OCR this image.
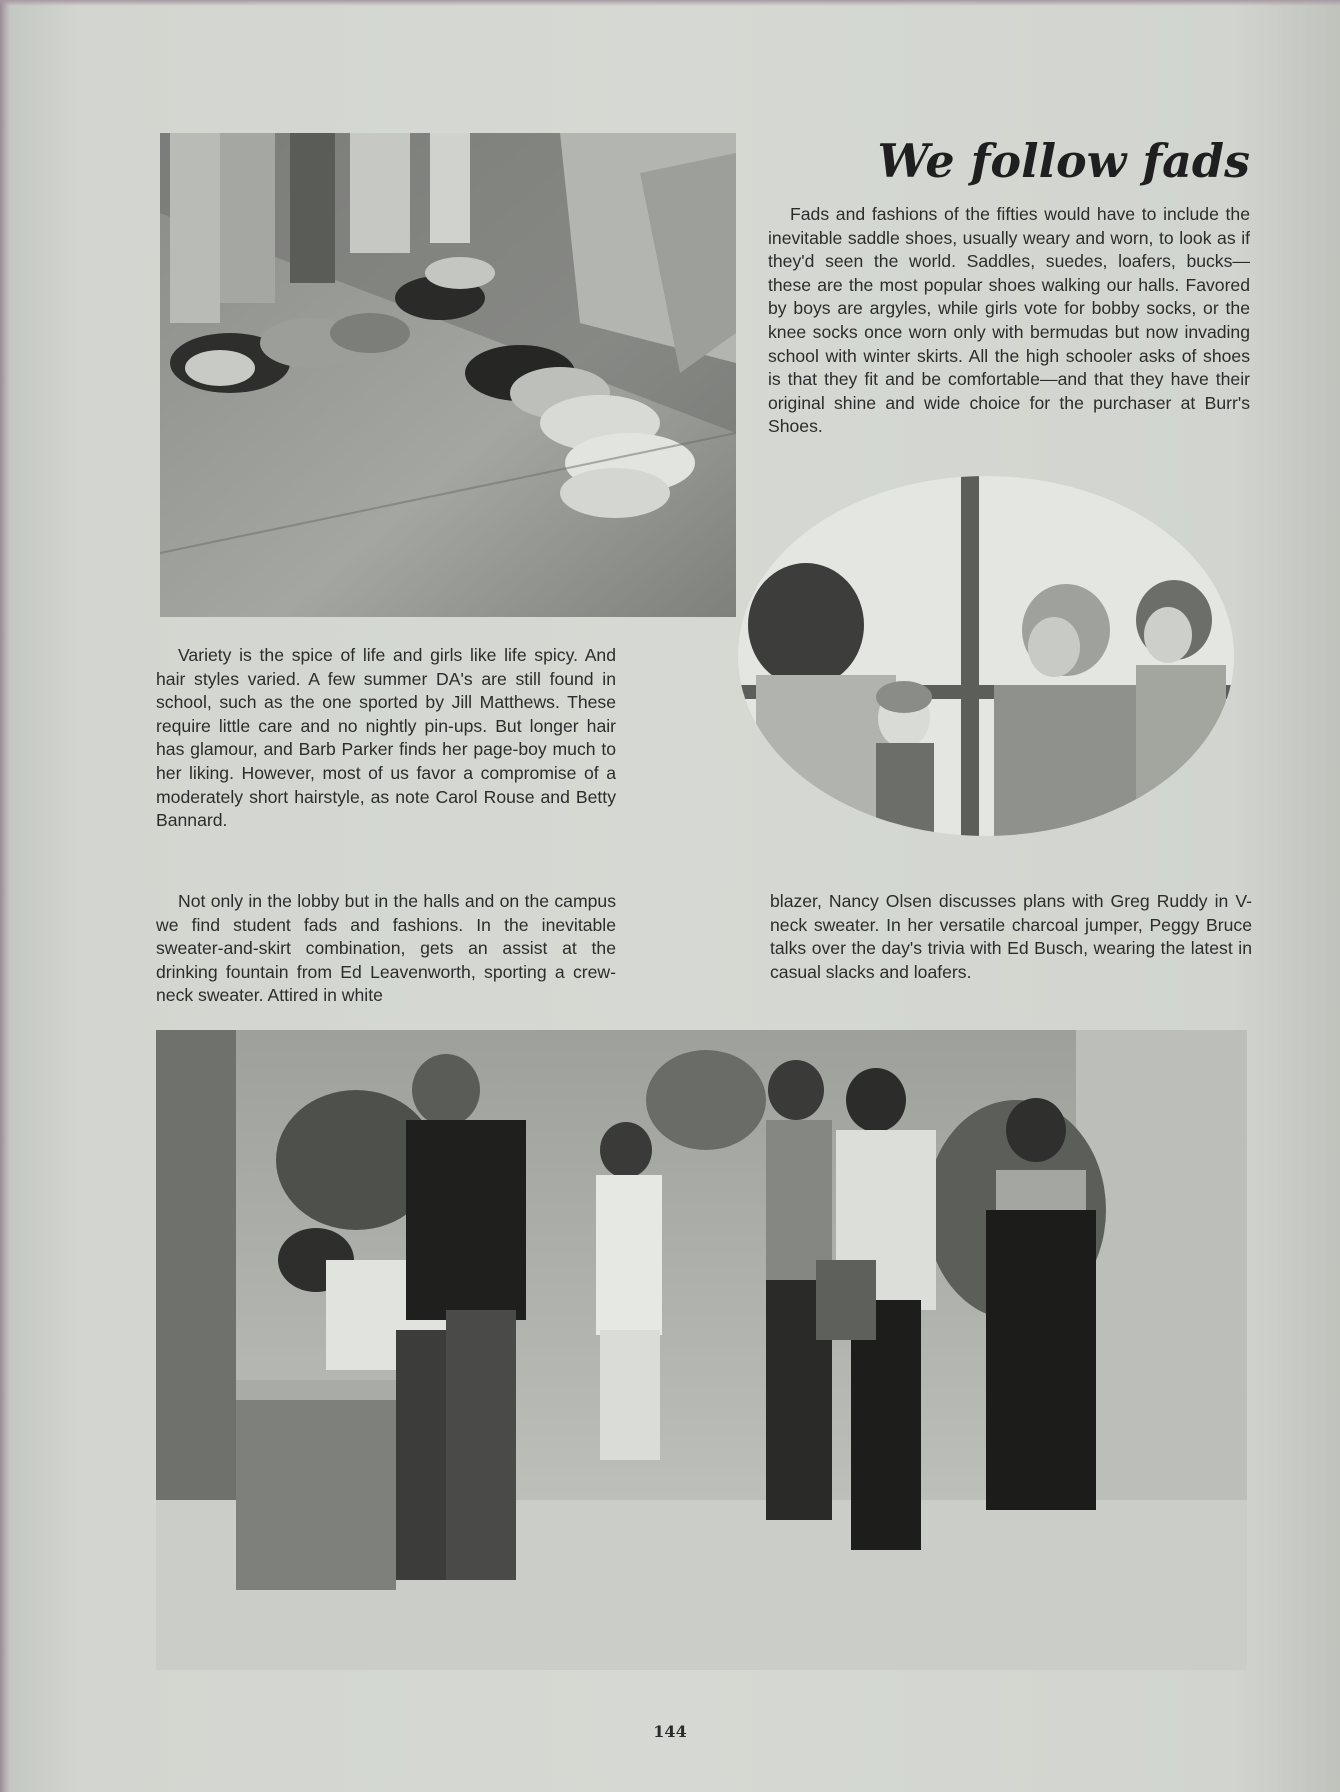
We follow fads

Fads and fashions of the fifties would have to include the inevitable saddle shoes, usually weary and worn, to look as if they'd seen the world. Saddles, suedes, loafers, bucks—these are the most popular shoes walking our halls. Favored by boys are argyles, while girls vote for bobby socks, or the knee socks once worn only with bermudas but now invading school with winter skirts. All the high schooler asks of shoes is that they fit and be comfortable—and that they have their original shine and wide choice for the purchaser at Burr's Shoes.

Variety is the spice of life and girls like life spicy. And hair styles varied. A few summer DA's are still found in school, such as the one sported by Jill Matthews. These require little care and no nightly pin-ups. But longer hair has glamour, and Barb Parker finds her page-boy much to her liking. However, most of us favor a compromise of a moderately short hairstyle, as note Carol Rouse and Betty Bannard.

Not only in the lobby but in the halls and on the campus we find student fads and fashions. In the inevitable sweater-and-skirt combination, gets an assist at the drinking fountain from Ed Leavenworth, sporting a crew-neck sweater. Attired in white

blazer, Nancy Olsen discusses plans with Greg Ruddy in V-neck sweater. In her versatile charcoal jumper, Peggy Bruce talks over the day's trivia with Ed Busch, wearing the latest in casual slacks and loafers.

144
